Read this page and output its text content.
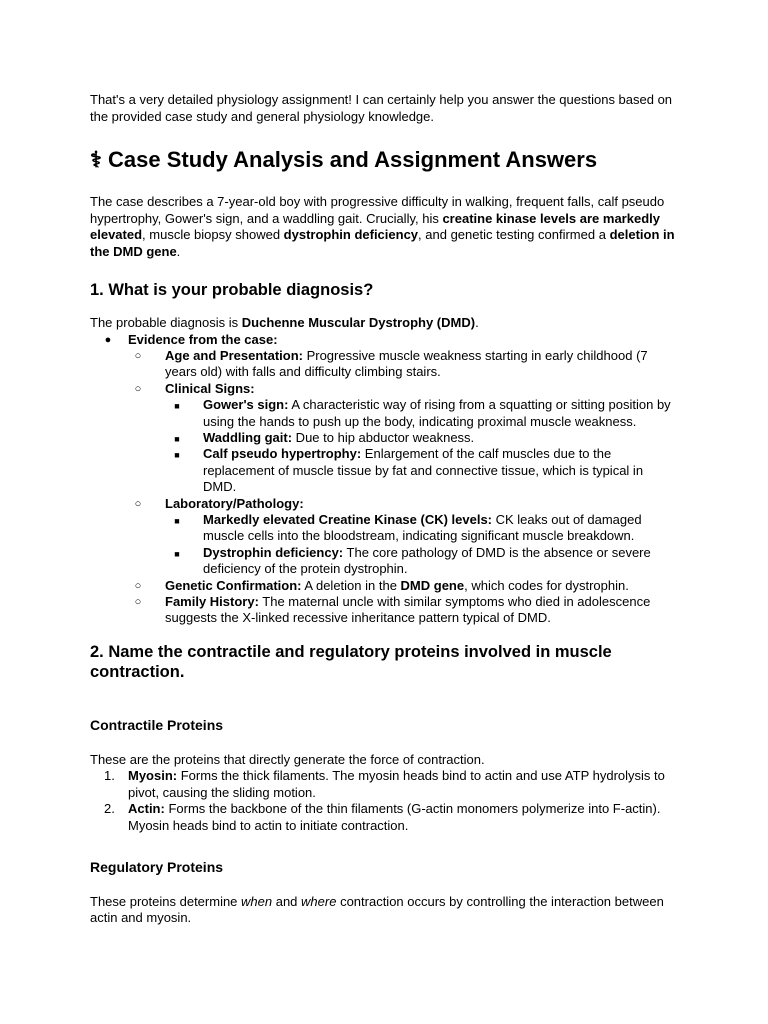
That's a very detailed physiology assignment! I can certainly help you answer the questions based on the provided case study and general physiology knowledge.

⚕ Case Study Analysis and Assignment Answers

The case describes a 7-year-old boy with progressive difficulty in walking, frequent falls, calf pseudo hypertrophy, Gower's sign, and a waddling gait. Crucially, his creatine kinase levels are markedly elevated, muscle biopsy showed dystrophin deficiency, and genetic testing confirmed a deletion in the DMD gene.

1. What is your probable diagnosis?

The probable diagnosis is Duchenne Muscular Dystrophy (DMD).

●	Evidence from the case:
○	Age and Presentation: Progressive muscle weakness starting in early childhood (7 years old) with falls and difficulty climbing stairs.
○	Clinical Signs:
■	Gower's sign: A characteristic way of rising from a squatting or sitting position by using the hands to push up the body, indicating proximal muscle weakness.
■	Waddling gait: Due to hip abductor weakness.
■	Calf pseudo hypertrophy: Enlargement of the calf muscles due to the replacement of muscle tissue by fat and connective tissue, which is typical in DMD.
○	Laboratory/Pathology:
■	Markedly elevated Creatine Kinase (CK) levels: CK leaks out of damaged muscle cells into the bloodstream, indicating significant muscle breakdown.
■	Dystrophin deficiency: The core pathology of DMD is the absence or severe deficiency of the protein dystrophin.
○	Genetic Confirmation: A deletion in the DMD gene, which codes for dystrophin.
○	Family History: The maternal uncle with similar symptoms who died in adolescence suggests the X-linked recessive inheritance pattern typical of DMD.
2. Name the contractile and regulatory proteins involved in muscle contraction.
Contractile Proteins

These are the proteins that directly generate the force of contraction.

1. Myosin: Forms the thick filaments. The myosin heads bind to actin and use ATP hydrolysis to pivot, causing the sliding motion.
2. Actin: Forms the backbone of the thin filaments (G-actin monomers polymerize into F-actin). Myosin heads bind to actin to initiate contraction.
Regulatory Proteins

These proteins determine when and where contraction occurs by controlling the interaction between actin and myosin.
